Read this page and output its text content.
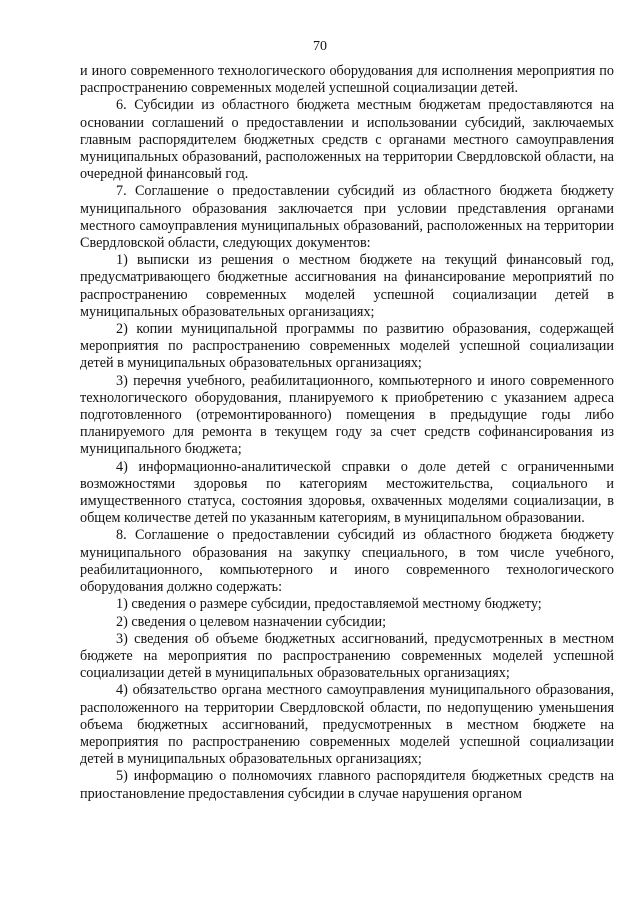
70

и иного современного технологического оборудования для исполнения мероприятия по распространению современных моделей успешной социализации детей.

6. Субсидии из областного бюджета местным бюджетам предоставляются на основании соглашений о предоставлении и использовании субсидий, заключаемых главным распорядителем бюджетных средств с органами местного самоуправления муниципальных образований, расположенных на территории Свердловской области, на очередной финансовый год.

7. Соглашение о предоставлении субсидий из областного бюджета бюджету муниципального образования заключается при условии представления органами местного самоуправления муниципальных образований, расположенных на территории Свердловской области, следующих документов:

1) выписки из решения о местном бюджете на текущий финансовый год, предусматривающего бюджетные ассигнования на финансирование мероприятий по распространению современных моделей успешной социализации детей в муниципальных образовательных организациях;

2) копии муниципальной программы по развитию образования, содержащей мероприятия по распространению современных моделей успешной социализации детей в муниципальных образовательных организациях;

3) перечня учебного, реабилитационного, компьютерного и иного современного технологического оборудования, планируемого к приобретению с указанием адреса подготовленного (отремонтированного) помещения в предыдущие годы либо планируемого для ремонта в текущем году за счет средств софинансирования из муниципального бюджета;

4) информационно-аналитической справки о доле детей с ограниченными возможностями здоровья по категориям местожительства, социального и имущественного статуса, состояния здоровья, охваченных моделями социализации, в общем количестве детей по указанным категориям, в муниципальном образовании.

8. Соглашение о предоставлении субсидий из областного бюджета бюджету муниципального образования на закупку специального, в том числе учебного, реабилитационного, компьютерного и иного современного технологического оборудования должно содержать:

1) сведения о размере субсидии, предоставляемой местному бюджету;

2) сведения о целевом назначении субсидии;

3) сведения об объеме бюджетных ассигнований, предусмотренных в местном бюджете на мероприятия по распространению современных моделей успешной социализации детей в муниципальных образовательных организациях;

4) обязательство органа местного самоуправления муниципального образования, расположенного на территории Свердловской области, по недопущению уменьшения объема бюджетных ассигнований, предусмотренных в местном бюджете на мероприятия по распространению современных моделей успешной социализации детей в муниципальных образовательных организациях;

5) информацию о полномочиях главного распорядителя бюджетных средств на приостановление предоставления субсидии в случае нарушения органом
